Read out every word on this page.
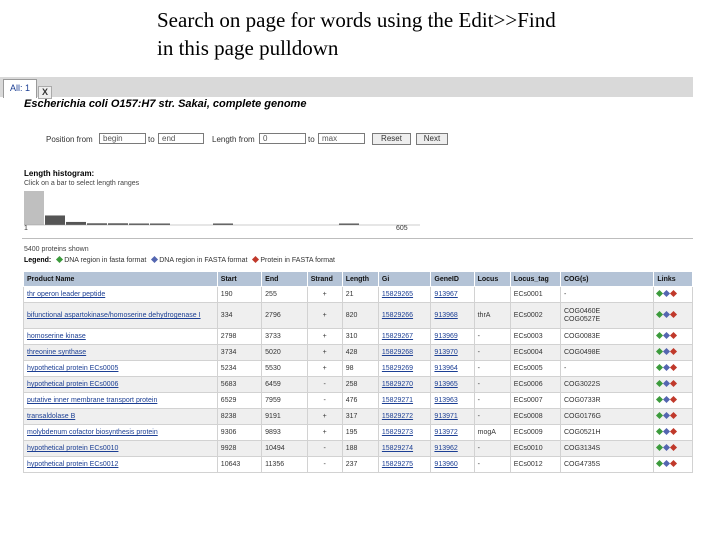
Search on page for words using the Edit>>Find
in this page pulldown
All: 1	X
Escherichia coli O157:H7 str. Sakai, complete genome
Position from
begin	to
end	Length from
0	to
max	Reset	Next
Length histogram:
Click on a bar to select length ranges
1	605
5400 proteins shown
Legend: DNA region in fasta format DNA region in FASTA format Protein in FASTA format
Product Name	Start	End	Strand	Length	Gi	GeneID	Locus	Locus_tag	COG(s)	Links
thr operon leader peptide	190	255	+	21	15829265	913967		ECs0001	-	

bifunctional aspartokinase/homoserine dehydrogenase I	334	2796	+	820	15829266	913968	thrA	ECs0002	COG0460E
COG0527E	

homoserine kinase	2798	3733	+	310	15829267	913969	-	ECs0003	COG0083E	

threonine synthase	3734	5020	+	428	15829268	913970	-	ECs0004	COG0498E	

hypothetical protein ECs0005	5234	5530	+	98	15829269	913964	-	ECs0005	-	

hypothetical protein ECs0006	5683	6459	-	258	15829270	913965	-	ECs0006	COG3022S	

putative inner membrane transport protein	6529	7959	-	476	15829271	913963	-	ECs0007	COG0733R	

transaldolase B	8238	9191	+	317	15829272	913971	-	ECs0008	COG0176G	

molybdenum cofactor biosynthesis protein	9306	9893	+	195	15829273	913972	mogA	ECs0009	COG0521H	

hypothetical protein ECs0010	9928	10494	-	188	15829274	913962	-	ECs0010	COG3134S	

hypothetical protein ECs0012	10643	11356	-	237	15829275	913960	-	ECs0012	COG4735S	
